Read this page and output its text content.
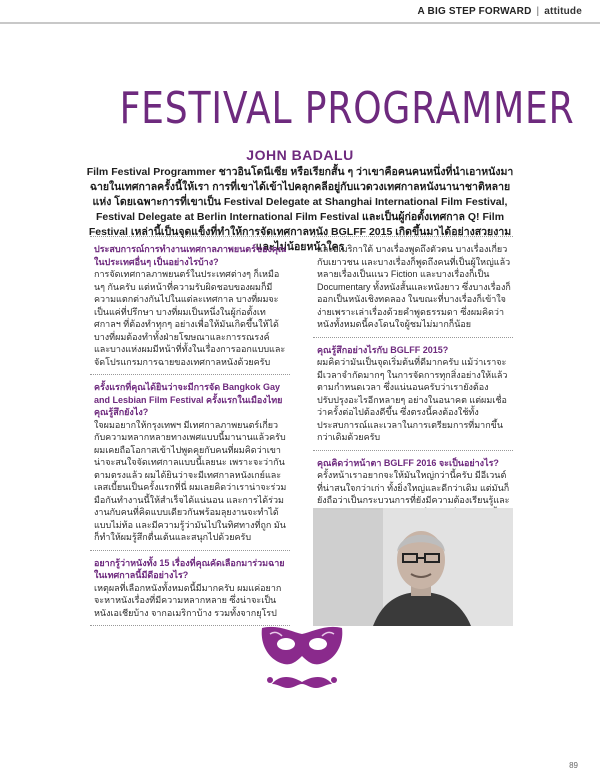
A BIG STEP FORWARD | attitude
FESTIVAL PROGRAMMER
JOHN BADALU
Film Festival Programmer ชาวอินโดนีเซีย หรือเรียกสั้น ๆ ว่าเขาคือคนคนหนึ่งที่นำเอาหนังมาฉายในเทศกาลครั้งนี้ให้เรา การที่เขาได้เข้าไปคลุกคลีอยู่กับแวดวงเทศกาลหนังนานาชาติหลายแห่ง โดยเฉพาะการที่เขาเป็น Festival Delegate at Shanghai International Film Festival, Festival Delegate at Berlin International Film Festival และเป็นผู้ก่อตั้งเทศกาล Q! Film Festival เหล่านี้เป็นจุดแข็งที่ทำให้การจัดเทศกาลหนัง BGLFF 2015 เกิดขึ้นมาได้อย่างสวยงามและไม่น้อยหน้าใคร
ประสบการณ์การทำงานเทศกาลภาพยนตร์ของคุณในประเทศอื่นๆ เป็นอย่างไรบ้าง?
การจัดเทศกาลภาพยนตร์ในประเทศต่างๆ ก็เหมือนๆ กันครับ แต่หน้าที่ความรับผิดชอบของผมก็มีความแตกต่างกันไปในแต่ละเทศกาล บางที่ผมจะเป็นแค่ที่ปรึกษา บางที่ผมเป็นหนึ่งในผู้ก่อตั้งเทศกาลฯ ที่ต้องทำทุกๆ อย่างเพื่อให้มันเกิดขึ้นให้ได้ บางที่ผมต้องทำทั้งฝ่ายโฆษณาและการรณรงค์ และบางแห่งผมมีหน้าที่ทั้งในเรื่องการออกแบบและจัดโปรแกรมการฉายของเทศกาลหนังด้วยครับ
ครั้งแรกที่คุณได้ยินว่าจะมีการจัด Bangkok Gay and Lesbian Film Festival ครั้งแรกในเมืองไทย คุณรู้สึกยังไง?
ใจผมอยากให้กรุงเทพฯ มีเทศกาลภาพยนตร์เกี่ยวกับความหลากหลายทางเพศแบบนี้มานานแล้วครับ ผมเคยถือโอกาสเข้าไปพูดคุยกับคนที่ผมคิดว่าเขาน่าจะสนใจจัดเทศกาลแบบนี้เลยนะ เพราะจะว่ากันตามตรงแล้ว ผมได้ยินว่าจะมีเทศกาลหนังเกย์และเลสเบี้ยนเป็นครั้งแรกที่นี่ ผมเลยคิดว่าเราน่าจะร่วมมือกันทำงานนี้ให้สำเร็จได้แน่นอน และการได้ร่วมงานกับคนที่คิดแบบเดียวกันพร้อมลุยงานจะทำได้แบบไม่ท้อ และมีความรู้ว่ามันไปในทิศทางที่ถูก มันก็ทำให้ผมรู้สึกตื่นเต้นและสนุกไปด้วยครับ
อยากรู้ว่าหนังทั้ง 15 เรื่องที่คุณคัดเลือกมาร่วมฉายในเทศกาลนี้มีดีอย่างไร?
เหตุผลที่เลือกหนังทั้งหมดนี้มีมากครับ ผมแค่อยากจะหาหนังเรื่องที่มีความหลากหลาย ซึ่งน่าจะเป็นหนังเอเชียบ้าง จากอเมริกาบ้าง รวมทั้งจากยุโรป
และอเมริกาใต้ บางเรื่องพูดถึงตัวตน บางเรื่องเกี่ยวกับเยาวชน และบางเรื่องก็พูดถึงคนที่เป็นผู้ใหญ่แล้ว หลายเรื่องเป็นแนว Fiction และบางเรื่องก็เป็น Documentary ทั้งหนังสั้นและหนังยาว ซึ่งบางเรื่องก็ออกเป็นหนังเชิงทดลอง ในขณะที่บางเรื่องก็เข้าใจง่ายเพราะเล่าเรื่องด้วยคำพูดธรรมดา ซึ่งผมคิดว่าหนังทั้งหมดนี้คงโดนใจผู้ชมไม่มากก็น้อย
คุณรู้สึกอย่างไรกับ BGLFF 2015?
ผมคิดว่ามันเป็นจุดเริ่มต้นที่ดีมากครับ แม้ว่าเราจะมีเวลาจำกัดมากๆ ในการจัดการทุกสิ่งอย่างให้แล้วตามกำหนดเวลา ซึ่งแน่นอนครับว่าเรายังต้องปรับปรุงอะไรอีกหลายๆ อย่างในอนาคต แต่ผมเชื่อว่าครั้งต่อไปต้องดีขึ้น ซึ่งตรงนี้คงต้องใช้ทั้งประสบการณ์และเวลาในการเตรียมการที่มากขึ้นกว่าเดิมด้วยครับ
คุณคิดว่าหน้าตา BGLFF 2016 จะเป็นอย่างไร?
ครั้งหน้าเราอยากจะให้มันใหญ่กว่านี้ครับ มีอีเวนต์ที่น่าสนใจกว่าเก่า ทั้งยิ่งใหญ่และดีกว่าเดิม แต่มันก็ยังถือว่าเป็นกระบวนการที่ยังมีความต้องเรียนรู้และ
89
